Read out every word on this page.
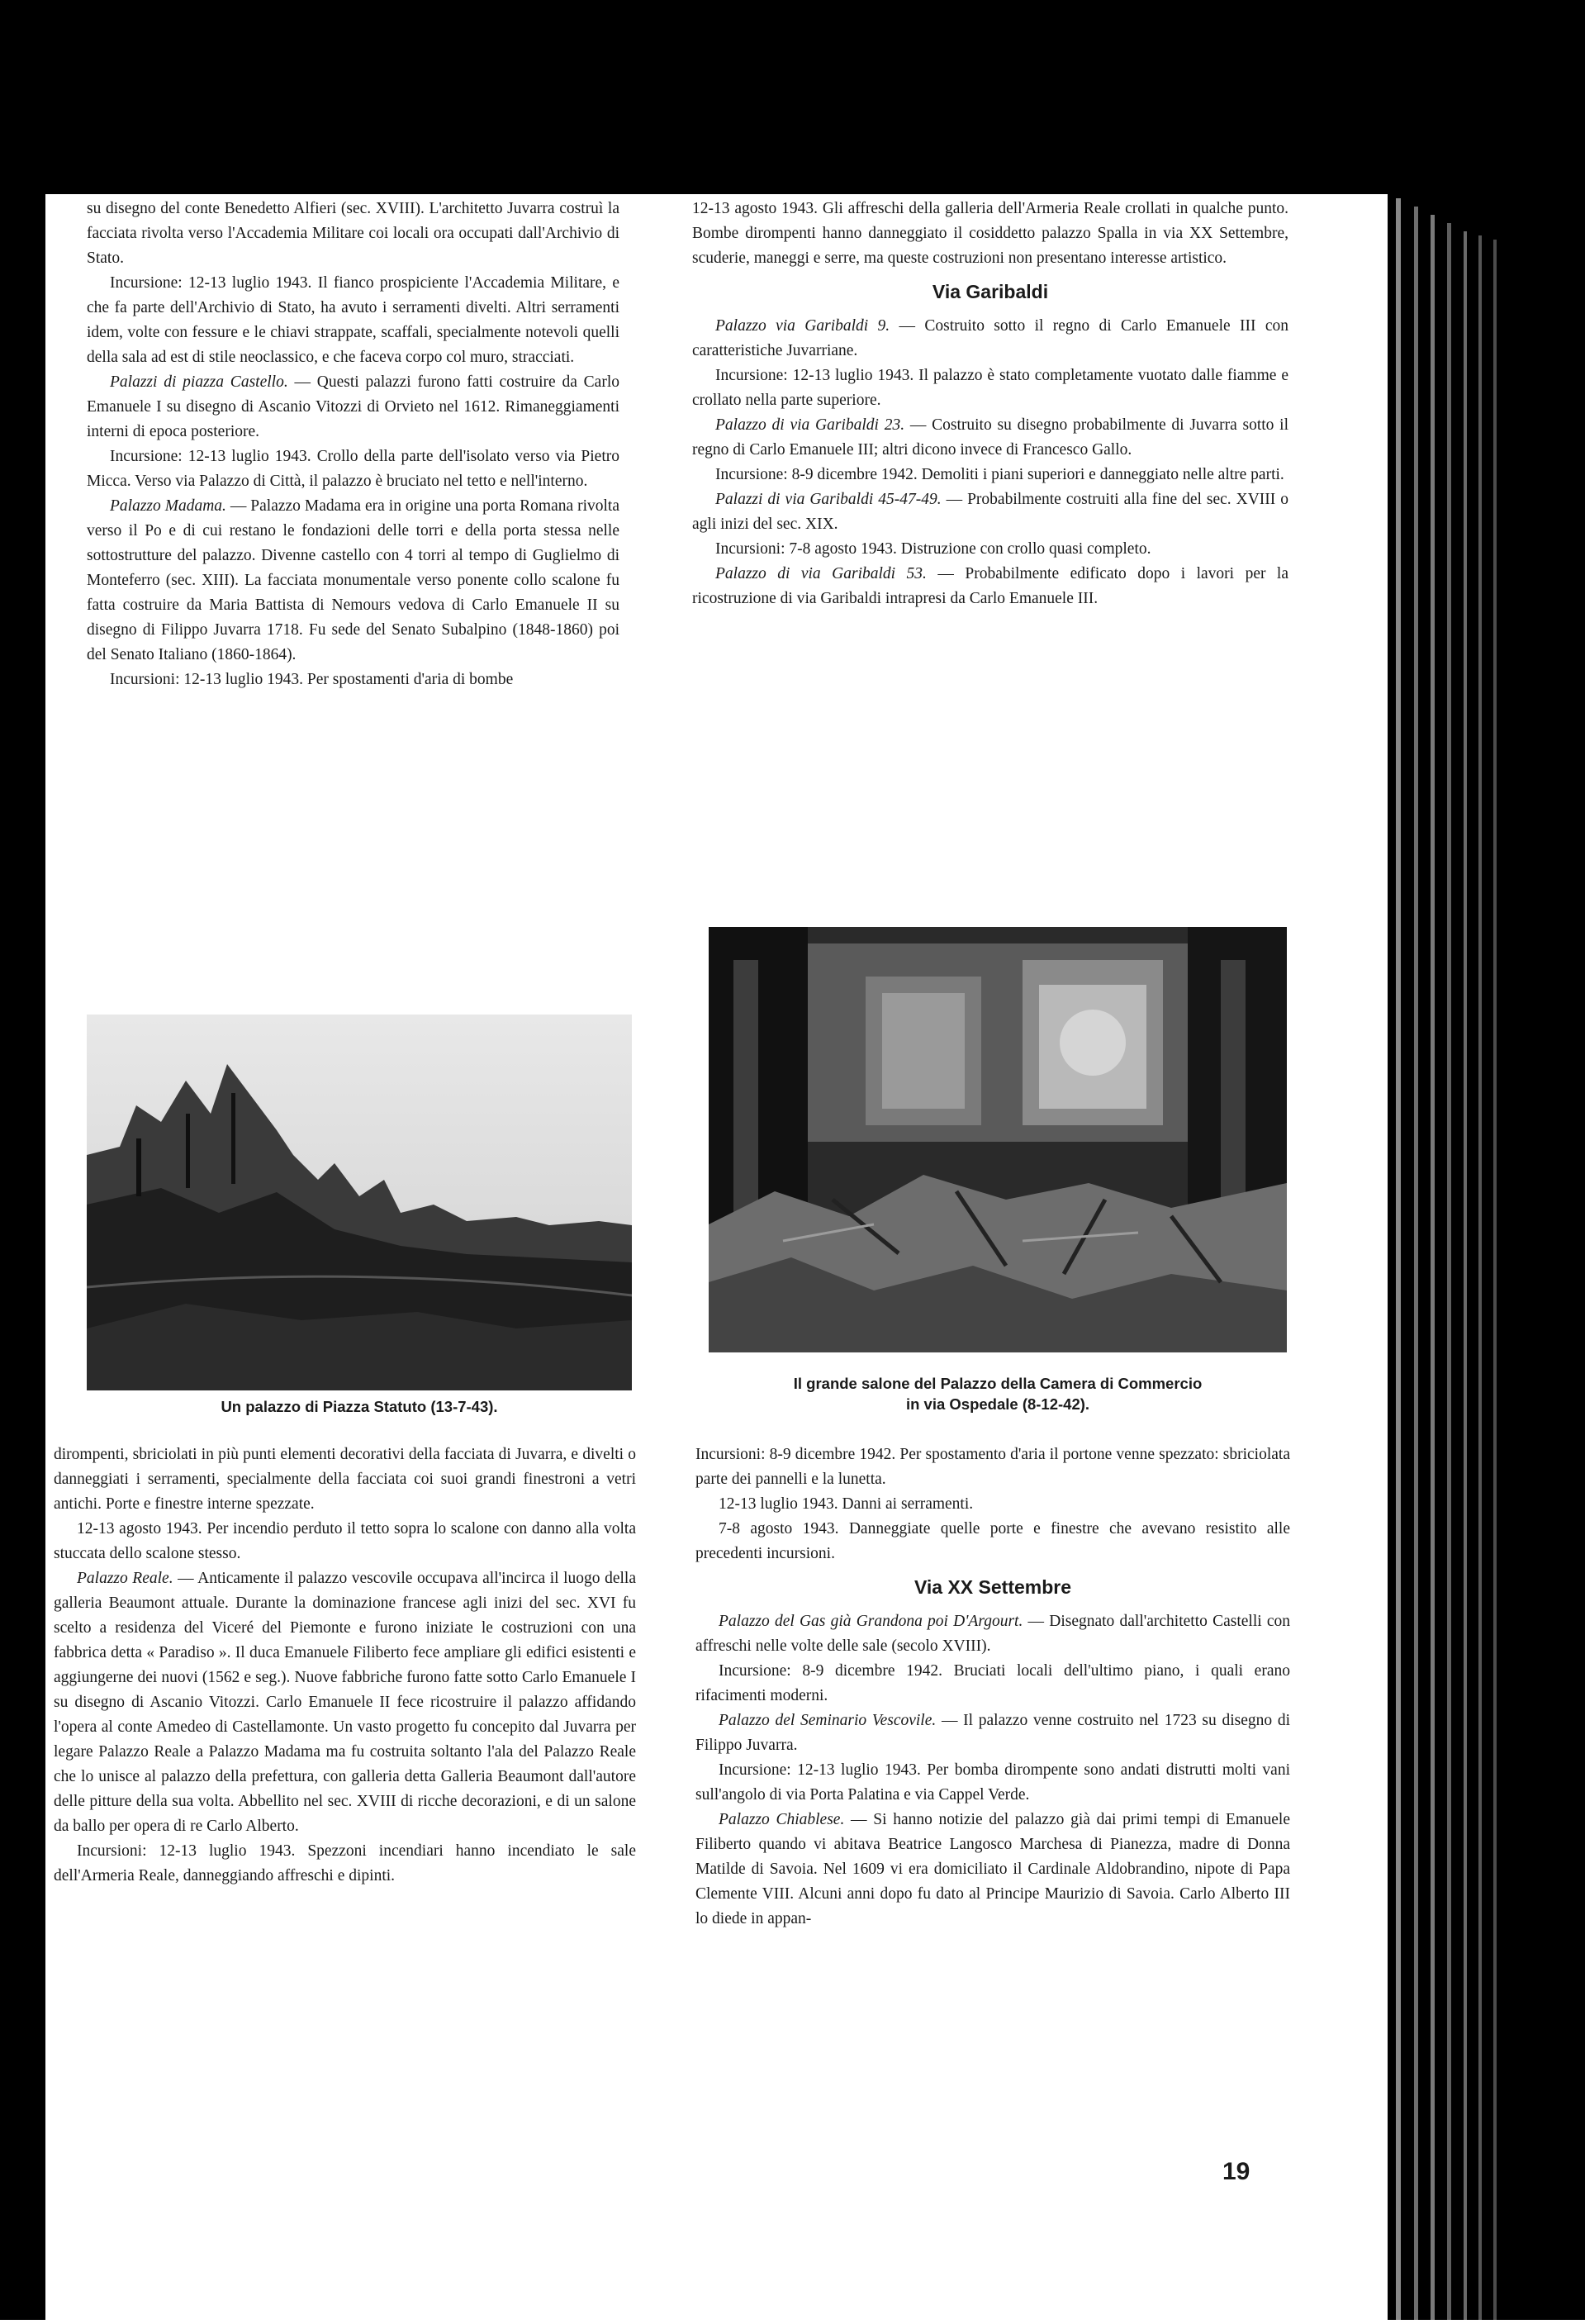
su disegno del conte Benedetto Alfieri (sec. XVIII). L'architetto Juvarra costruì la facciata rivolta verso l'Accademia Militare coi locali ora occupati dall'Archivio di Stato.

Incursione: 12-13 luglio 1943. Il fianco prospiciente l'Accademia Militare, e che fa parte dell'Archivio di Stato, ha avuto i serramenti divelti. Altri serramenti idem, volte con fessure e le chiavi strappate, scaffali, specialmente notevoli quelli della sala ad est di stile neoclassico, e che faceva corpo col muro, stracciati.

Palazzi di piazza Castello. — Questi palazzi furono fatti costruire da Carlo Emanuele I su disegno di Ascanio Vitozzi di Orvieto nel 1612. Rimaneggiamenti interni di epoca posteriore.

Incursione: 12-13 luglio 1943. Crollo della parte dell'isolato verso via Pietro Micca. Verso via Palazzo di Città, il palazzo è bruciato nel tetto e nell'interno.

Palazzo Madama. — Palazzo Madama era in origine una porta Romana rivolta verso il Po e di cui restano le fondazioni delle torri e della porta stessa nelle sottostrutture del palazzo. Divenne castello con 4 torri al tempo di Guglielmo di Monteferro (sec. XIII). La facciata monumentale verso ponente collo scalone fu fatta costruire da Maria Battista di Nemours vedova di Carlo Emanuele II su disegno di Filippo Juvarra 1718. Fu sede del Senato Subalpino (1848-1860) poi del Senato Italiano (1860-1864).

Incursioni: 12-13 luglio 1943. Per spostamenti d'aria di bombe

12-13 agosto 1943. Gli affreschi della galleria dell'Armeria Reale crollati in qualche punto. Bombe dirompenti hanno danneggiato il cosiddetto palazzo Spalla in via XX Settembre, scuderie, maneggi e serre, ma queste costruzioni non presentano interesse artistico.

Via Garibaldi

Palazzo via Garibaldi 9. — Costruito sotto il regno di Carlo Emanuele III con caratteristiche Juvarriane.

Incursione: 12-13 luglio 1943. Il palazzo è stato completamente vuotato dalle fiamme e crollato nella parte superiore.

Palazzo di via Garibaldi 23. — Costruito su disegno probabilmente di Juvarra sotto il regno di Carlo Emanuele III; altri dicono invece di Francesco Gallo.

Incursione: 8-9 dicembre 1942. Demoliti i piani superiori e danneggiato nelle altre parti.

Palazzi di via Garibaldi 45-47-49. — Probabilmente costruiti alla fine del sec. XVIII o agli inizi del sec. XIX.

Incursioni: 7-8 agosto 1943. Distruzione con crollo quasi completo.

Palazzo di via Garibaldi 53. — Probabilmente edificato dopo i lavori per la ricostruzione di via Garibaldi intrapresi da Carlo Emanuele III.

Un palazzo di Piazza Statuto (13-7-43).
Il grande salone del Palazzo della Camera di Commercio
in via Ospedale (8-12-42).

dirompenti, sbriciolati in più punti elementi decorativi della facciata di Juvarra, e divelti o danneggiati i serramenti, specialmente della facciata coi suoi grandi finestroni a vetri antichi. Porte e finestre interne spezzate.

12-13 agosto 1943. Per incendio perduto il tetto sopra lo scalone con danno alla volta stuccata dello scalone stesso.

Palazzo Reale. — Anticamente il palazzo vescovile occupava all'incirca il luogo della galleria Beaumont attuale. Durante la dominazione francese agli inizi del sec. XVI fu scelto a residenza del Viceré del Piemonte e furono iniziate le costruzioni con una fabbrica detta « Paradiso ». Il duca Emanuele Filiberto fece ampliare gli edifici esistenti e aggiungerne dei nuovi (1562 e seg.). Nuove fabbriche furono fatte sotto Carlo Emanuele I su disegno di Ascanio Vitozzi. Carlo Emanuele II fece ricostruire il palazzo affidando l'opera al conte Amedeo di Castellamonte. Un vasto progetto fu concepito dal Juvarra per legare Palazzo Reale a Palazzo Madama ma fu costruita soltanto l'ala del Palazzo Reale che lo unisce al palazzo della prefettura, con galleria detta Galleria Beaumont dall'autore delle pitture della sua volta. Abbellito nel sec. XVIII di ricche decorazioni, e di un salone da ballo per opera di re Carlo Alberto.

Incursioni: 12-13 luglio 1943. Spezzoni incendiari hanno incendiato le sale dell'Armeria Reale, danneggiando affreschi e dipinti.

Incursioni: 8-9 dicembre 1942. Per spostamento d'aria il portone venne spezzato: sbriciolata parte dei pannelli e la lunetta.

12-13 luglio 1943. Danni ai serramenti.

7-8 agosto 1943. Danneggiate quelle porte e finestre che avevano resistito alle precedenti incursioni.

Via XX Settembre

Palazzo del Gas già Grandona poi D'Argourt. — Disegnato dall'architetto Castelli con affreschi nelle volte delle sale (secolo XVIII).

Incursione: 8-9 dicembre 1942. Bruciati locali dell'ultimo piano, i quali erano rifacimenti moderni.

Palazzo del Seminario Vescovile. — Il palazzo venne costruito nel 1723 su disegno di Filippo Juvarra.

Incursione: 12-13 luglio 1943. Per bomba dirompente sono andati distrutti molti vani sull'angolo di via Porta Palatina e via Cappel Verde.

Palazzo Chiablese. — Si hanno notizie del palazzo già dai primi tempi di Emanuele Filiberto quando vi abitava Beatrice Langosco Marchesa di Pianezza, madre di Donna Matilde di Savoia. Nel 1609 vi era domiciliato il Cardinale Aldobrandino, nipote di Papa Clemente VIII. Alcuni anni dopo fu dato al Principe Maurizio di Savoia. Carlo Alberto III lo diede in appan-

19
